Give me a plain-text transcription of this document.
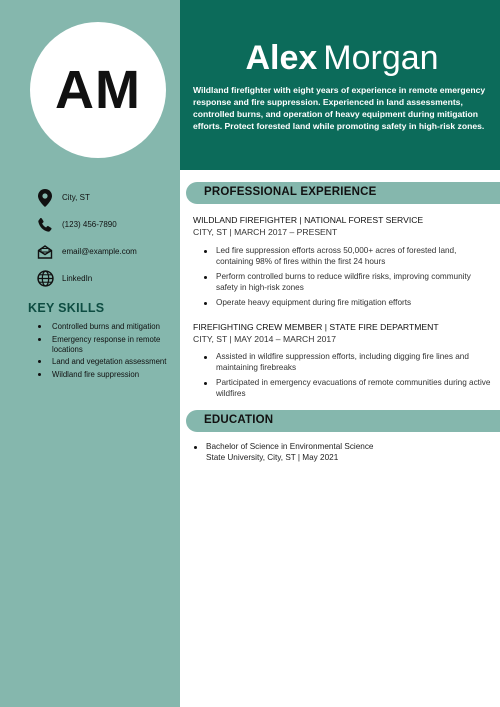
AM
Alex Morgan
Wildland firefighter with eight years of experience in remote emergency response and fire suppression. Experienced in land assessments, controlled burns, and operation of heavy equipment during mitigation efforts. Protect forested land while promoting safety in high-risk zones.
City, ST
(123) 456-7890
email@example.com
LinkedIn
KEY SKILLS
Controlled burns and mitigation
Emergency response in remote locations
Land and vegetation assessment
Wildland fire suppression
PROFESSIONAL EXPERIENCE
WILDLAND FIREFIGHTER | NATIONAL FOREST SERVICE
CITY, ST | MARCH 2017 – PRESENT
Led fire suppression efforts across 50,000+ acres of forested land, containing 98% of fires within the first 24 hours
Perform controlled burns to reduce wildfire risks, improving community safety in high-risk zones
Operate heavy equipment during fire mitigation efforts
FIREFIGHTING CREW MEMBER | STATE FIRE DEPARTMENT
CITY, ST | MAY 2014 – MARCH 2017
Assisted in wildfire suppression efforts, including digging fire lines and maintaining firebreaks
Participated in emergency evacuations of remote communities during active wildfires
EDUCATION
Bachelor of Science in Environmental Science
State University, City, ST | May 2021
